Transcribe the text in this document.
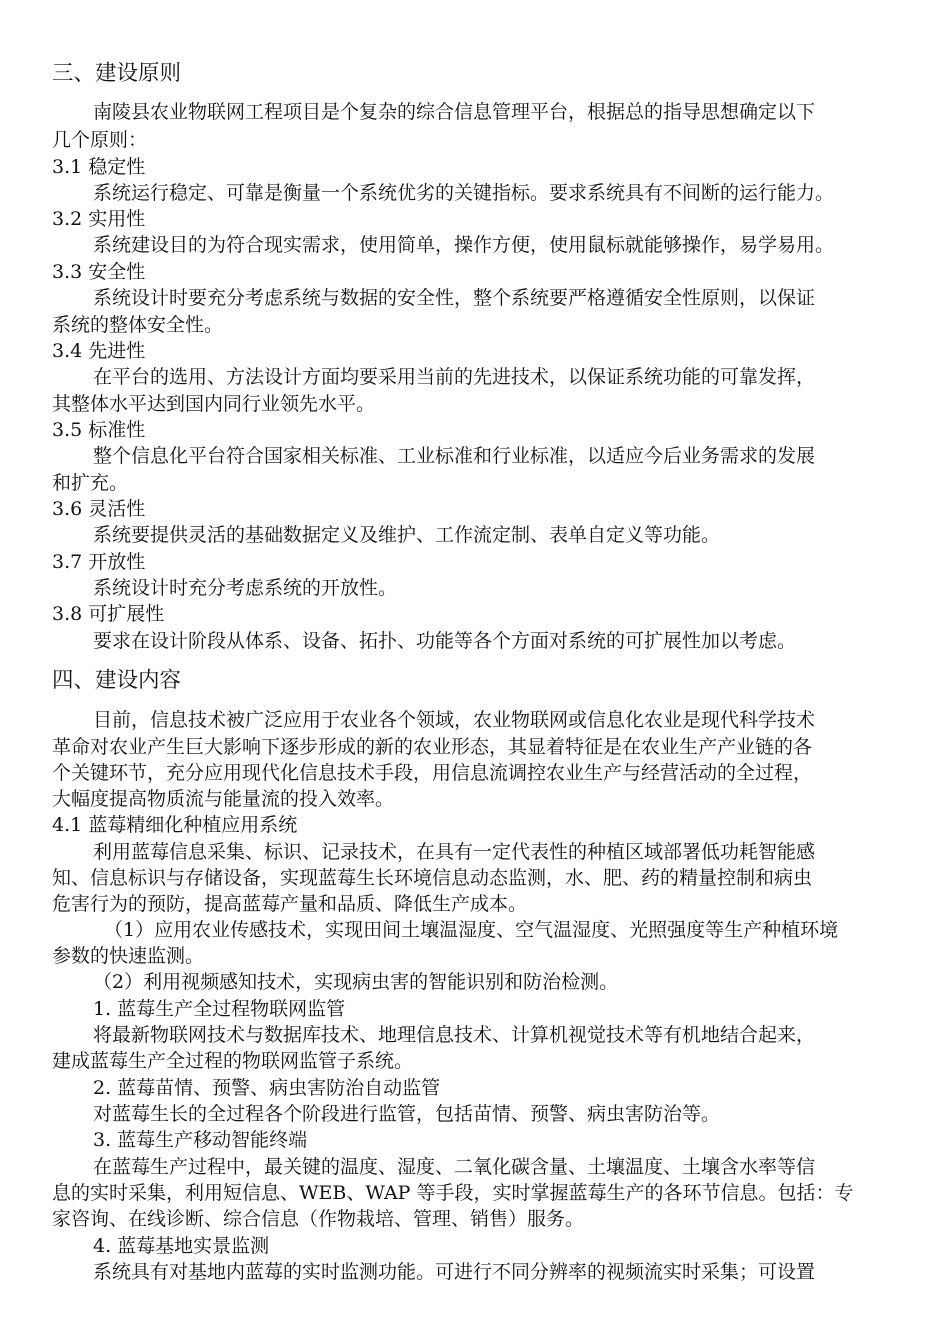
三、建设原则

南陵县农业物联网工程项目是个复杂的综合信息管理平台，根据总的指导思想确定以下

几个原则：

3.1 稳定性

系统运行稳定、可靠是衡量一个系统优劣的关键指标。要求系统具有不间断的运行能力。

3.2 实用性

系统建设目的为符合现实需求，使用简单，操作方便，使用鼠标就能够操作，易学易用。

3.3 安全性

系统设计时要充分考虑系统与数据的安全性，整个系统要严格遵循安全性原则，以保证

系统的整体安全性。

3.4 先进性

在平台的选用、方法设计方面均要采用当前的先进技术，以保证系统功能的可靠发挥，

其整体水平达到国内同行业领先水平。

3.5 标准性

整个信息化平台符合国家相关标准、工业标准和行业标准，以适应今后业务需求的发展

和扩充。

3.6 灵活性

系统要提供灵活的基础数据定义及维护、工作流定制、表单自定义等功能。

3.7 开放性

系统设计时充分考虑系统的开放性。

3.8 可扩展性

要求在设计阶段从体系、设备、拓扑、功能等各个方面对系统的可扩展性加以考虑。

四、建设内容

目前，信息技术被广泛应用于农业各个领域，农业物联网或信息化农业是现代科学技术

革命对农业产生巨大影响下逐步形成的新的农业形态，其显着特征是在农业生产产业链的各

个关键环节，充分应用现代化信息技术手段，用信息流调控农业生产与经营活动的全过程，

大幅度提高物质流与能量流的投入效率。

4.1 蓝莓精细化种植应用系统

利用蓝莓信息采集、标识、记录技术，在具有一定代表性的种植区域部署低功耗智能感

知、信息标识与存储设备，实现蓝莓生长环境信息动态监测，水、肥、药的精量控制和病虫

危害行为的预防，提高蓝莓产量和品质、降低生产成本。

（1）应用农业传感技术，实现田间土壤温湿度、空气温湿度、光照强度等生产种植环境

参数的快速监测。

（2）利用视频感知技术，实现病虫害的智能识别和防治检测。

1. 蓝莓生产全过程物联网监管

将最新物联网技术与数据库技术、地理信息技术、计算机视觉技术等有机地结合起来，

建成蓝莓生产全过程的物联网监管子系统。

2. 蓝莓苗情、预警、病虫害防治自动监管

对蓝莓生长的全过程各个阶段进行监管，包括苗情、预警、病虫害防治等。

3. 蓝莓生产移动智能终端

在蓝莓生产过程中，最关键的温度、湿度、二氧化碳含量、土壤温度、土壤含水率等信

息的实时采集，利用短信息、WEB、WAP 等手段，实时掌握蓝莓生产的各环节信息。包括：专

家咨询、在线诊断、综合信息（作物栽培、管理、销售）服务。

4. 蓝莓基地实景监测

系统具有对基地内蓝莓的实时监测功能。可进行不同分辨率的视频流实时采集；可设置
